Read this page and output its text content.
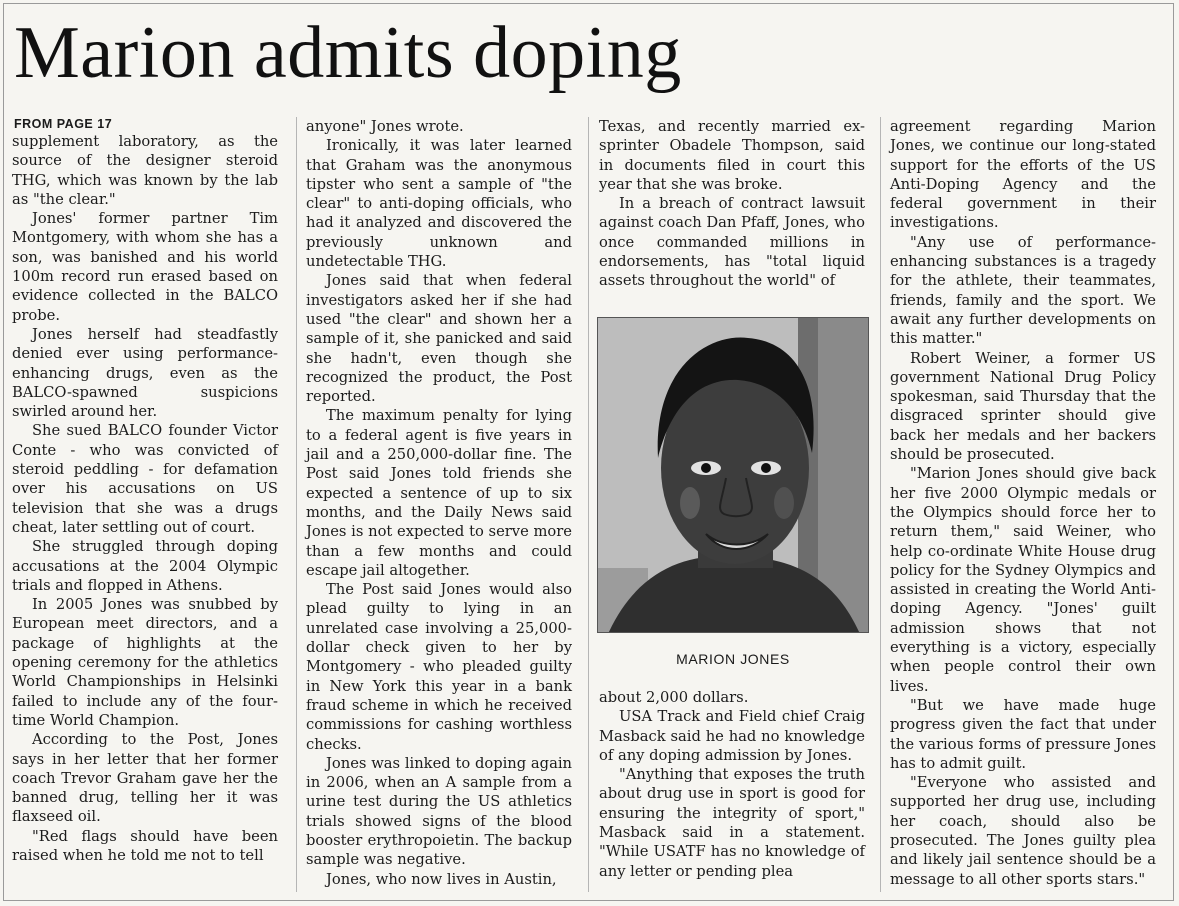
Marion admits doping
FROM PAGE 17

supplement laboratory, as the source of the designer steroid THG, which was known by the lab as "the clear."

Jones' former partner Tim Montgomery, with whom she has a son, was banished and his world 100m record run erased based on evidence collected in the BALCO probe.

Jones herself had steadfastly denied ever using performance-enhancing drugs, even as the BALCO-spawned suspicions swirled around her.

She sued BALCO founder Victor Conte - who was convicted of steroid peddling - for defamation over his accusations on US television that she was a drugs cheat, later settling out of court.

She struggled through doping accusations at the 2004 Olympic trials and flopped in Athens.

In 2005 Jones was snubbed by European meet directors, and a package of highlights at the opening ceremony for the athletics World Championships in Helsinki failed to include any of the four-time World Champion.

According to the Post, Jones says in her letter that her former coach Trevor Graham gave her the banned drug, telling her it was flaxseed oil.

"Red flags should have been raised when he told me not to tell

anyone" Jones wrote.

Ironically, it was later learned that Graham was the anonymous tipster who sent a sample of "the clear" to anti-doping officials, who had it analyzed and discovered the previously unknown and undetectable THG.

Jones said that when federal investigators asked her if she had used "the clear" and shown her a sample of it, she panicked and said she hadn't, even though she recognized the product, the Post reported.

The maximum penalty for lying to a federal agent is five years in jail and a 250,000-dollar fine. The Post said Jones told friends she expected a sentence of up to six months, and the Daily News said Jones is not expected to serve more than a few months and could escape jail altogether.

The Post said Jones would also plead guilty to lying in an unrelated case involving a 25,000-dollar check given to her by Montgomery - who pleaded guilty in New York this year in a bank fraud scheme in which he received commissions for cashing worthless checks.

Jones was linked to doping again in 2006, when an A sample from a urine test during the US athletics trials showed signs of the blood booster erythropoietin. The backup sample was negative.

Jones, who now lives in Austin,

Texas, and recently married ex-sprinter Obadele Thompson, said in documents filed in court this year that she was broke.

In a breach of contract lawsuit against coach Dan Pfaff, Jones, who once commanded millions in endorsements, has "total liquid assets throughout the world" of

MARION JONES

about 2,000 dollars.

USA Track and Field chief Craig Masback said he had no knowledge of any doping admission by Jones.

"Anything that exposes the truth about drug use in sport is good for ensuring the integrity of sport," Masback said in a statement. "While USATF has no knowledge of any letter or pending plea

agreement regarding Marion Jones, we continue our long-stated support for the efforts of the US Anti-Doping Agency and the federal government in their investigations.

"Any use of performance-enhancing substances is a tragedy for the athlete, their teammates, friends, family and the sport. We await any further developments on this matter."

Robert Weiner, a former US government National Drug Policy spokesman, said Thursday that the disgraced sprinter should give back her medals and her backers should be prosecuted.

"Marion Jones should give back her five 2000 Olympic medals or the Olympics should force her to return them," said Weiner, who help co-ordinate White House drug policy for the Sydney Olympics and assisted in creating the World Anti-doping Agency. "Jones' guilt admission shows that not everything is a victory, especially when people control their own lives.

"But we have made huge progress given the fact that under the various forms of pressure Jones has to admit guilt.

"Everyone who assisted and supported her drug use, including her coach, should also be prosecuted. The Jones guilty plea and likely jail sentence should be a message to all other sports stars."
